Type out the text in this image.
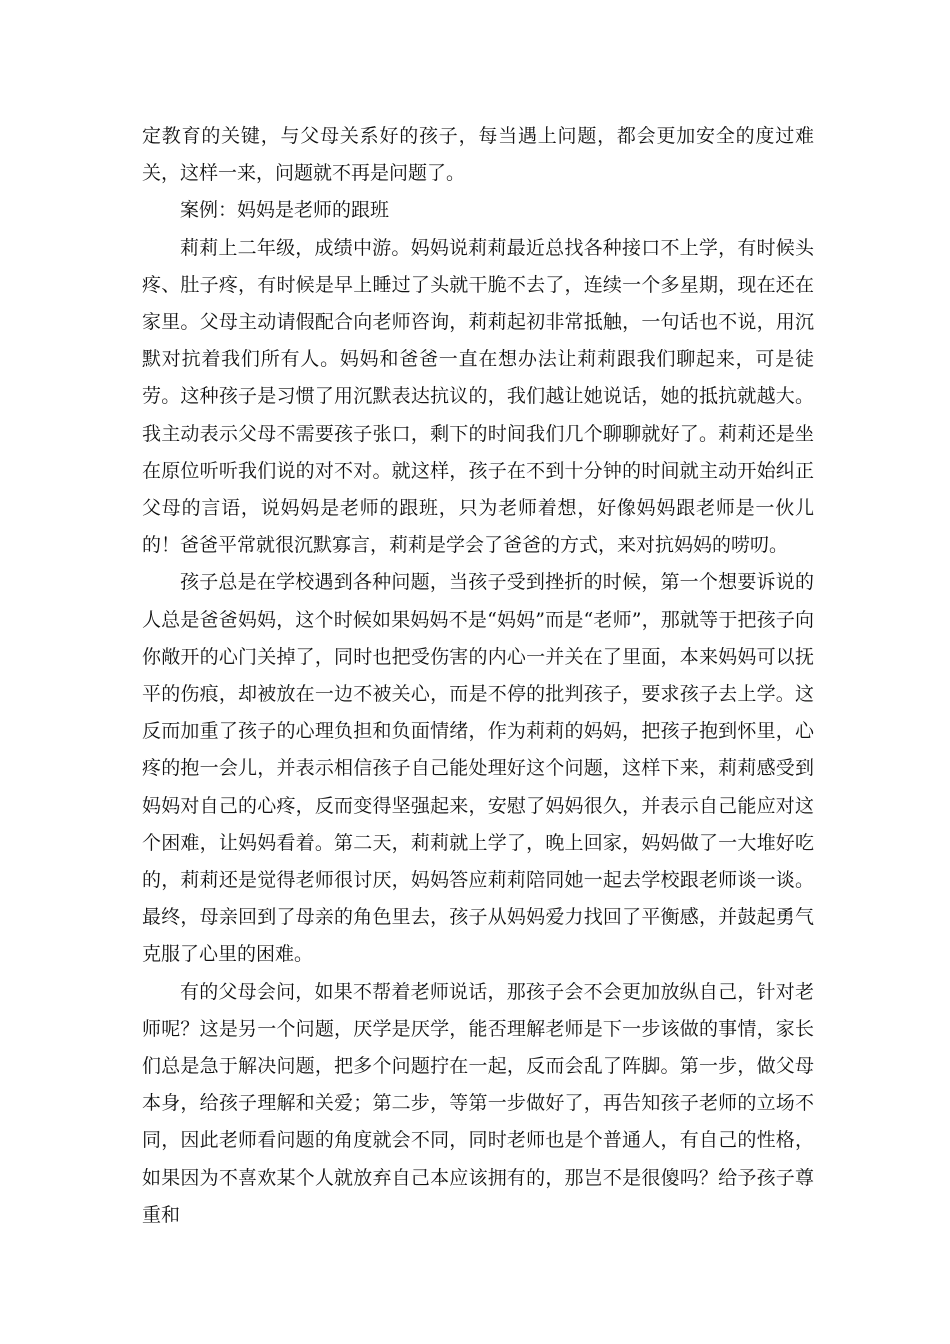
定教育的关键，与父母关系好的孩子，每当遇上问题，都会更加安全的度过难关，这样一来，问题就不再是问题了。

案例：妈妈是老师的跟班

莉莉上二年级，成绩中游。妈妈说莉莉最近总找各种接口不上学，有时候头疼、肚子疼，有时候是早上睡过了头就干脆不去了，连续一个多星期，现在还在家里。父母主动请假配合向老师咨询，莉莉起初非常抵触，一句话也不说，用沉默对抗着我们所有人。妈妈和爸爸一直在想办法让莉莉跟我们聊起来，可是徒劳。这种孩子是习惯了用沉默表达抗议的，我们越让她说话，她的抵抗就越大。我主动表示父母不需要孩子张口，剩下的时间我们几个聊聊就好了。莉莉还是坐在原位听听我们说的对不对。就这样，孩子在不到十分钟的时间就主动开始纠正父母的言语，说妈妈是老师的跟班，只为老师着想，好像妈妈跟老师是一伙儿的！爸爸平常就很沉默寡言，莉莉是学会了爸爸的方式，来对抗妈妈的唠叨。

孩子总是在学校遇到各种问题，当孩子受到挫折的时候，第一个想要诉说的人总是爸爸妈妈，这个时候如果妈妈不是“妈妈”而是“老师”，那就等于把孩子向你敞开的心门关掉了，同时也把受伤害的内心一并关在了里面，本来妈妈可以抚平的伤痕，却被放在一边不被关心，而是不停的批判孩子，要求孩子去上学。这反而加重了孩子的心理负担和负面情绪，作为莉莉的妈妈，把孩子抱到怀里，心疼的抱一会儿，并表示相信孩子自己能处理好这个问题，这样下来，莉莉感受到妈妈对自己的心疼，反而变得坚强起来，安慰了妈妈很久，并表示自己能应对这个困难，让妈妈看着。第二天，莉莉就上学了，晚上回家，妈妈做了一大堆好吃的，莉莉还是觉得老师很讨厌，妈妈答应莉莉陪同她一起去学校跟老师谈一谈。最终，母亲回到了母亲的角色里去，孩子从妈妈爱力找回了平衡感，并鼓起勇气克服了心里的困难。

有的父母会问，如果不帮着老师说话，那孩子会不会更加放纵自己，针对老师呢？这是另一个问题，厌学是厌学，能否理解老师是下一步该做的事情，家长们总是急于解决问题，把多个问题拧在一起，反而会乱了阵脚。第一步，做父母本身，给孩子理解和关爱；第二步，等第一步做好了，再告知孩子老师的立场不同，因此老师看问题的角度就会不同，同时老师也是个普通人，有自己的性格，如果因为不喜欢某个人就放弃自己本应该拥有的，那岂不是很傻吗？给予孩子尊重和
